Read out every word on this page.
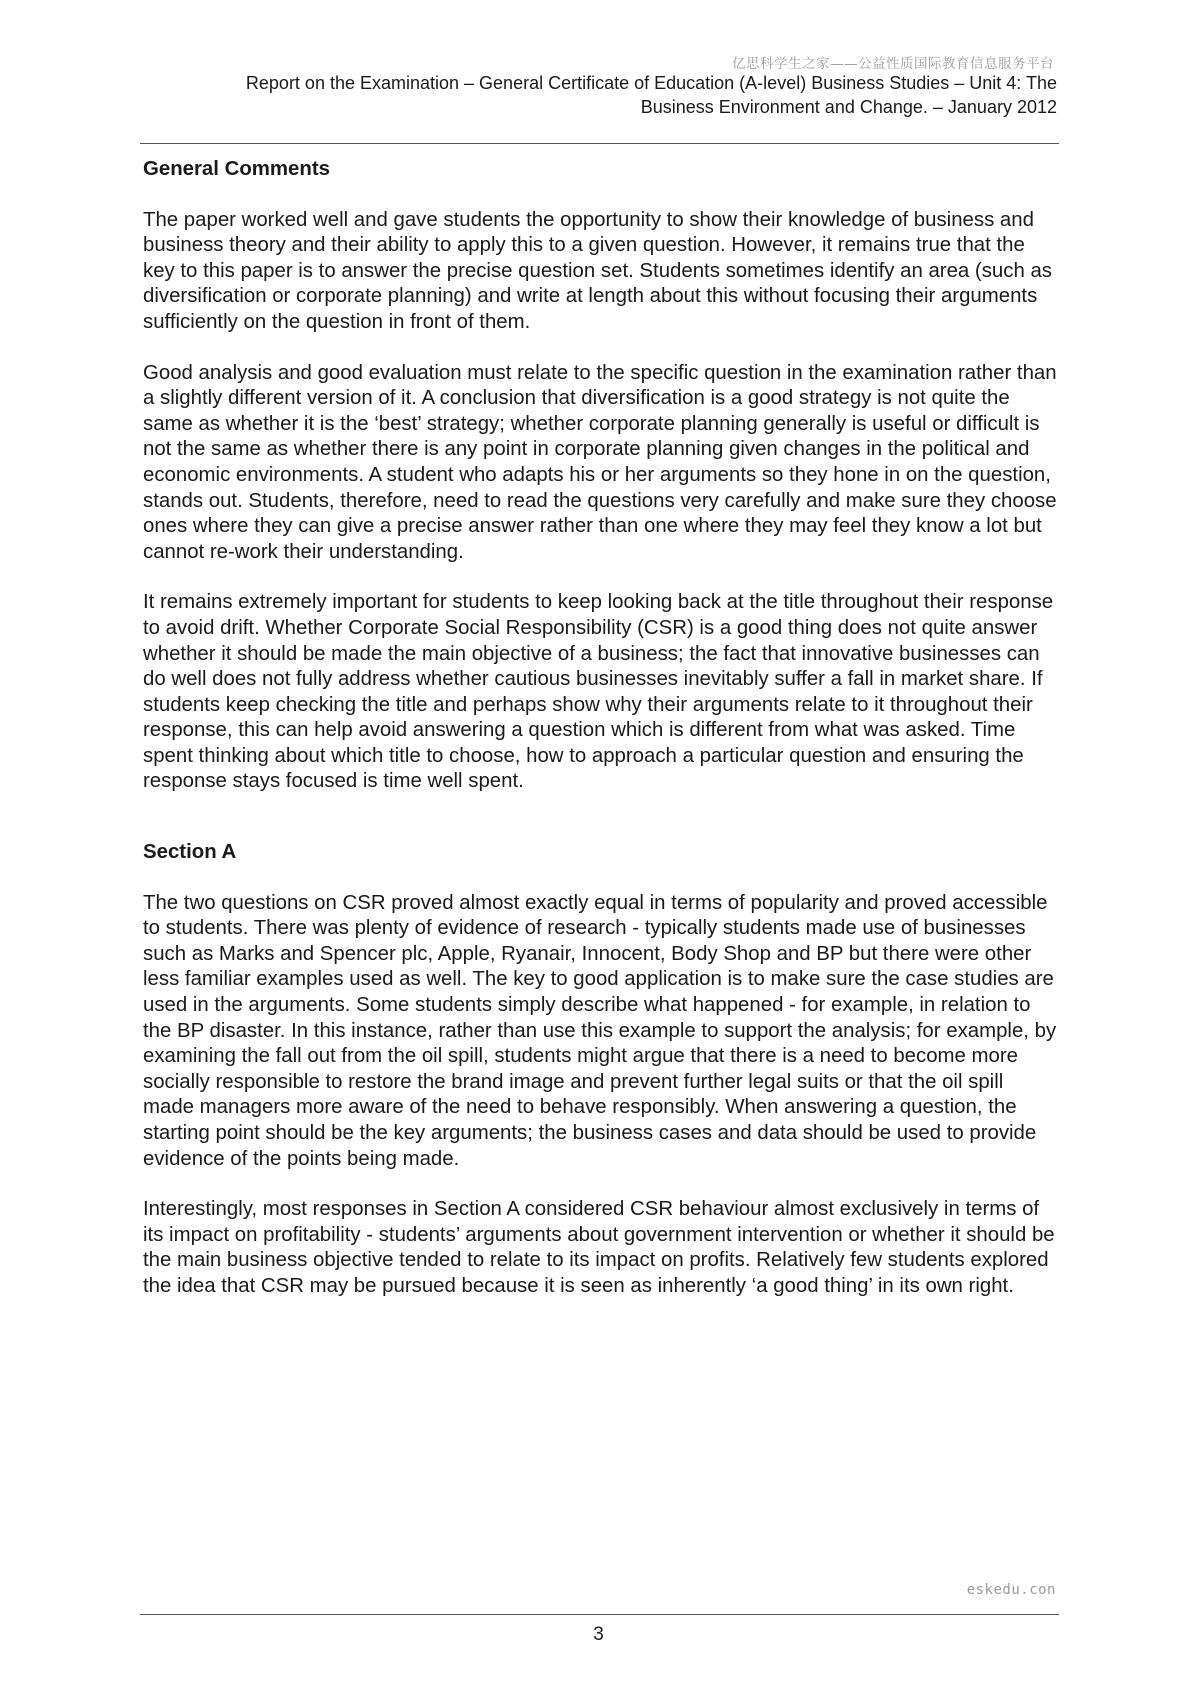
亿思科学生之家——公益性质国际教育信息服务平台
Report on the Examination – General Certificate of Education (A-level) Business Studies – Unit 4: The
Business Environment and Change. – January 2012

General Comments

The paper worked well and gave students the opportunity to show their knowledge of business and business theory and their ability to apply this to a given question. However, it remains true that the key to this paper is to answer the precise question set. Students sometimes identify an area (such as diversification or corporate planning) and write at length about this without focusing their arguments sufficiently on the question in front of them.

Good analysis and good evaluation must relate to the specific question in the examination rather than a slightly different version of it. A conclusion that diversification is a good strategy is not quite the same as whether it is the ‘best’ strategy; whether corporate planning generally is useful or difficult is not the same as whether there is any point in corporate planning given changes in the political and economic environments. A student who adapts his or her arguments so they hone in on the question, stands out. Students, therefore, need to read the questions very carefully and make sure they choose ones where they can give a precise answer rather than one where they may feel they know a lot but cannot re-work their understanding.

It remains extremely important for students to keep looking back at the title throughout their response to avoid drift. Whether Corporate Social Responsibility (CSR) is a good thing does not quite answer whether it should be made the main objective of a business; the fact that innovative businesses can do well does not fully address whether cautious businesses inevitably suffer a fall in market share. If students keep checking the title and perhaps show why their arguments relate to it throughout their response, this can help avoid answering a question which is different from what was asked. Time spent thinking about which title to choose, how to approach a particular question and ensuring the response stays focused is time well spent.

Section A

The two questions on CSR proved almost exactly equal in terms of popularity and proved accessible to students. There was plenty of evidence of research - typically students made use of businesses such as Marks and Spencer plc, Apple, Ryanair, Innocent, Body Shop and BP but there were other less familiar examples used as well. The key to good application is to make sure the case studies are used in the arguments. Some students simply describe what happened - for example, in relation to the BP disaster. In this instance, rather than use this example to support the analysis; for example, by examining the fall out from the oil spill, students might argue that there is a need to become more socially responsible to restore the brand image and prevent further legal suits or that the oil spill made managers more aware of the need to behave responsibly. When answering a question, the starting point should be the key arguments; the business cases and data should be used to provide evidence of the points being made.

Interestingly, most responses in Section A considered CSR behaviour almost exclusively in terms of its impact on profitability - students’ arguments about government intervention or whether it should be the main business objective tended to relate to its impact on profits. Relatively few students explored the idea that CSR may be pursued because it is seen as inherently ‘a good thing’ in its own right.

eskedu.con
3
